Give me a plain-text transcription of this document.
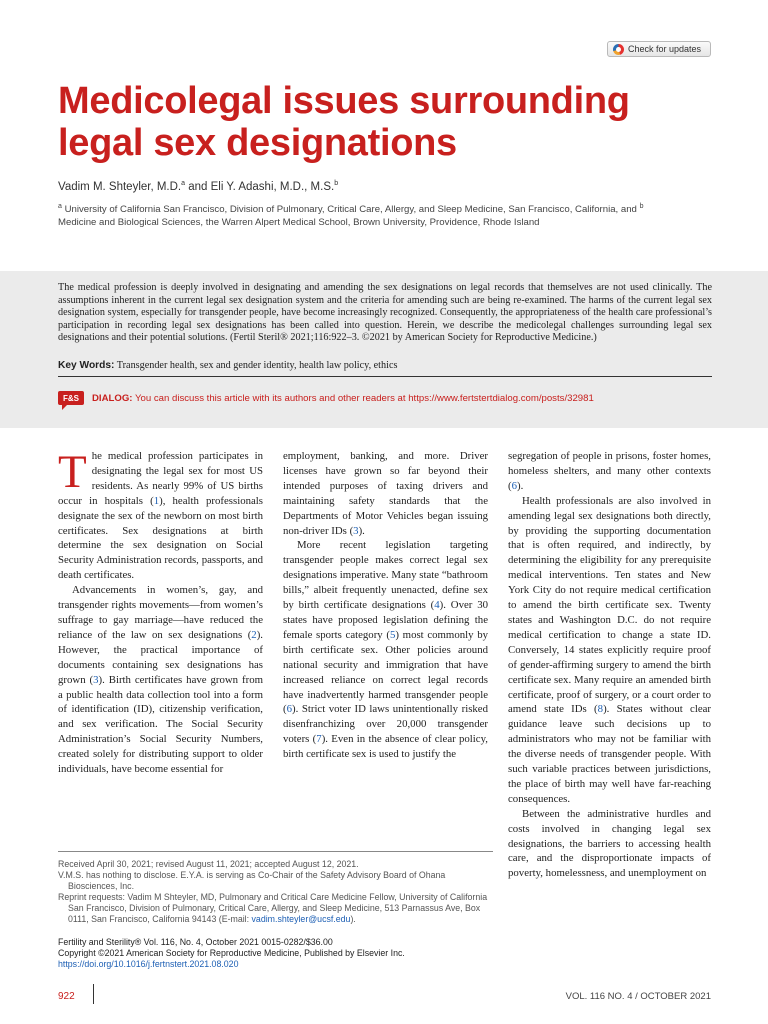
Check for updates
Medicolegal issues surrounding legal sex designations
Vadim M. Shteyler, M.D.$^a$ and Eli Y. Adashi, M.D., M.S.$^b$

$^a$ University of California San Francisco, Division of Pulmonary, Critical Care, Allergy, and Sleep Medicine, San Francisco, California, and $^b$ Medicine and Biological Sciences, the Warren Alpert Medical School, Brown University, Providence, Rhode Island

The medical profession is deeply involved in designating and amending the sex designations on legal records that themselves are not used clinically. The assumptions inherent in the current legal sex designation system and the criteria for amending such are being re-examined. The harms of the current legal sex designation system, especially for transgender people, have become increasingly recognized. Consequently, the appropriateness of the health care professional’s participation in recording legal sex designations has been called into question. Herein, we describe the medicolegal challenges surrounding legal sex designations and their potential solutions. (Fertil Steril® 2021;116:922–3. ©2021 by American Society for Reproductive Medicine.)

Key Words: Transgender health, sex and gender identity, health law policy, ethics
F&S	DIALOG: You can discuss this article with its authors and other readers at https://www.fertstertdialog.com/posts/32981

The medical profession participates in designating the legal sex for most US residents. As nearly 99% of US births occur in hospitals (1), health professionals designate the sex of the newborn on most birth certificates. Sex designations at birth determine the sex designation on Social Security Administration records, passports, and death certificates.

Advancements in women’s, gay, and transgender rights movements—from women’s suffrage to gay marriage—have reduced the reliance of the law on sex designations (2). However, the practical importance of documents containing sex designations has grown (3). Birth certificates have grown from a public health data collection tool into a form of identification (ID), citizenship verification, and sex verification. The Social Security Administration’s Social Security Numbers, created solely for distributing support to older individuals, have become essential for

employment, banking, and more. Driver licenses have grown so far beyond their intended purposes of taxing drivers and maintaining safety standards that the Departments of Motor Vehicles began issuing non-driver IDs (3).

More recent legislation targeting transgender people makes correct legal sex designations imperative. Many state “bathroom bills,” albeit frequently unenacted, define sex by birth certificate designations (4). Over 30 states have proposed legislation defining the female sports category (5) most commonly by birth certificate sex. Other policies around national security and immigration that have increased reliance on correct legal records have inadvertently harmed transgender people (6). Strict voter ID laws unintentionally risked disenfranchizing over 20,000 transgender voters (7). Even in the absence of clear policy, birth certificate sex is used to justify the

segregation of people in prisons, foster homes, homeless shelters, and many other contexts (6).

Health professionals are also involved in amending legal sex designations both directly, by providing the supporting documentation that is often required, and indirectly, by determining the eligibility for any prerequisite medical interventions. Ten states and New York City do not require medical certification to amend the birth certificate sex. Twenty states and Washington D.C. do not require medical certification to change a state ID. Conversely, 14 states explicitly require proof of gender-affirming surgery to amend the birth certificate sex. Many require an amended birth certificate, proof of surgery, or a court order to amend state IDs (8). States without clear guidance leave such decisions up to administrators who may not be familiar with the diverse needs of transgender people. With such variable practices between jurisdictions, the place of birth may well have far-reaching consequences.

Between the administrative hurdles and costs involved in changing legal sex designations, the barriers to accessing health care, and the disproportionate impacts of poverty, homelessness, and unemployment on

Received April 30, 2021; revised August 11, 2021; accepted August 12, 2021.

V.M.S. has nothing to disclose. E.Y.A. is serving as Co-Chair of the Safety Advisory Board of Ohana Biosciences, Inc.

Reprint requests: Vadim M Shteyler, MD, Pulmonary and Critical Care Medicine Fellow, University of California San Francisco, Division of Pulmonary, Critical Care, Allergy, and Sleep Medicine, 513 Parnassus Ave, Box 0111, San Francisco, California 94143 (E-mail: vadim.shteyler@ucsf.edu).

Fertility and Sterility® Vol. 116, No. 4, October 2021 0015-0282/$36.00

Copyright ©2021 American Society for Reproductive Medicine, Published by Elsevier Inc.

https://doi.org/10.1016/j.fertnstert.2021.08.020

922	VOL. 116 NO. 4 / OCTOBER 2021
